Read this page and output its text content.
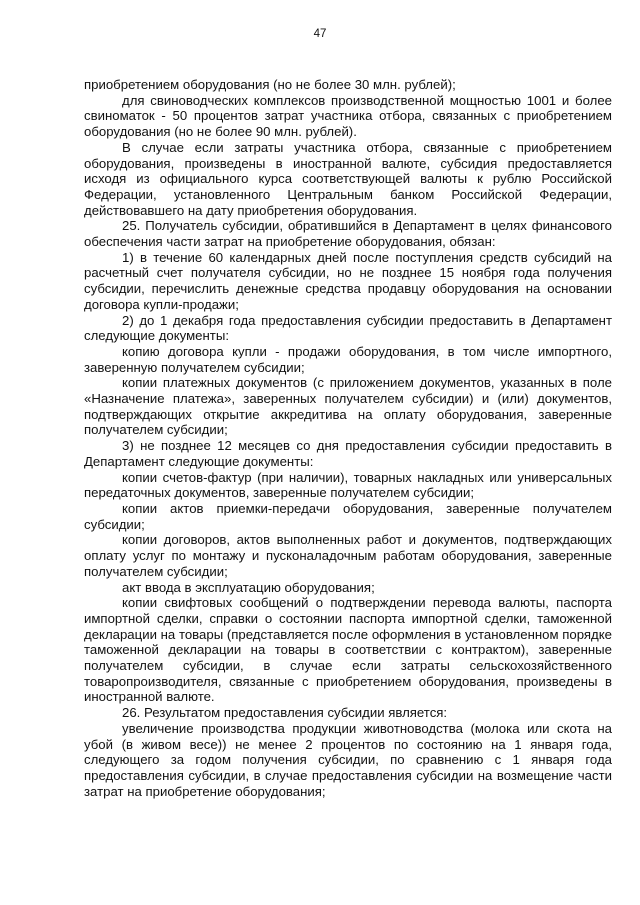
47

приобретением оборудования (но не более 30 млн. рублей);

для свиноводческих комплексов производственной мощностью 1001 и более свиноматок - 50 процентов затрат участника отбора, связанных с приобретением оборудования (но не более 90 млн. рублей).

В случае если затраты участника отбора, связанные с приобретением оборудования, произведены в иностранной валюте, субсидия предоставляется исходя из официального курса соответствующей валюты к рублю Российской Федерации, установленного Центральным банком Российской Федерации, действовавшего на дату приобретения оборудования.

25. Получатель субсидии, обратившийся в Департамент в целях финансового обеспечения части затрат на приобретение оборудования, обязан:

1) в течение 60 календарных дней после поступления средств субсидий на расчетный счет получателя субсидии, но не позднее 15 ноября года получения субсидии, перечислить денежные средства продавцу оборудования на основании договора купли-продажи;

2) до 1 декабря года предоставления субсидии предоставить в Департамент следующие документы:

копию договора купли - продажи оборудования, в том числе импортного, заверенную получателем субсидии;

копии платежных документов (с приложением документов, указанных в поле «Назначение платежа», заверенных получателем субсидии) и (или) документов, подтверждающих открытие аккредитива на оплату оборудования, заверенные получателем субсидии;

3) не позднее 12 месяцев со дня предоставления субсидии предоставить в Департамент следующие документы:

копии счетов-фактур (при наличии), товарных накладных или универсальных передаточных документов, заверенные получателем субсидии;

копии актов приемки-передачи оборудования, заверенные получателем субсидии;

копии договоров, актов выполненных работ и документов, подтверждающих оплату услуг по монтажу и пусконаладочным работам оборудования, заверенные получателем субсидии;

акт ввода в эксплуатацию оборудования;

копии свифтовых сообщений о подтверждении перевода валюты, паспорта импортной сделки, справки о состоянии паспорта импортной сделки, таможенной декларации на товары (представляется после оформления в установленном порядке таможенной декларации на товары в соответствии с контрактом), заверенные получателем субсидии, в случае если затраты сельскохозяйственного товаропроизводителя, связанные с приобретением оборудования, произведены в иностранной валюте.

26. Результатом предоставления субсидии является:

увеличение производства продукции животноводства (молока или скота на убой (в живом весе)) не менее 2 процентов по состоянию на 1 января года, следующего за годом получения субсидии, по сравнению с 1 января года предоставления субсидии, в случае предоставления субсидии на возмещение части затрат на приобретение оборудования;
